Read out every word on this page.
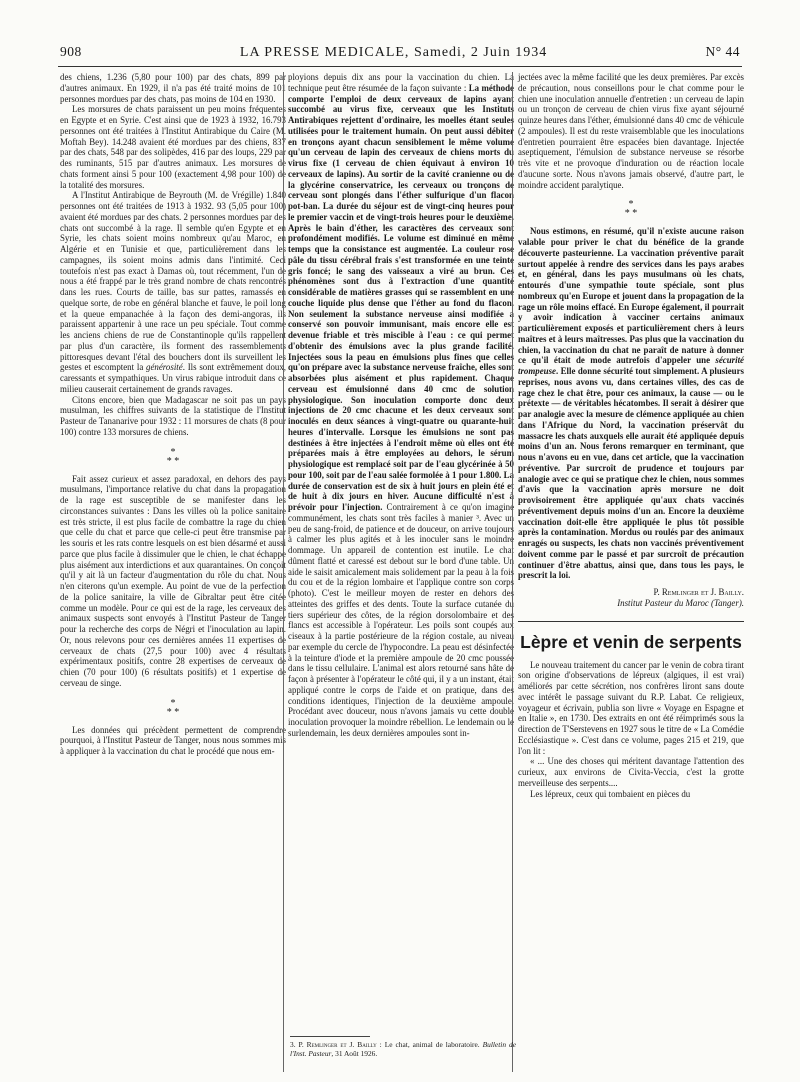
908	LA PRESSE MEDICALE, Samedi, 2 Juin 1934	N° 44

des chiens, 1.236 (5,80 pour 100) par des chats, 899 par d'autres animaux. En 1929, il n'a pas été traité moins de 101 personnes mordues par des chats, pas moins de 104 en 1930.

Les morsures de chats paraissent un peu moins fréquentes en Egypte et en Syrie. C'est ainsi que de 1923 à 1932, 16.793 personnes ont été traitées à l'Institut Antirabique du Caire (M. Moftah Bey). 14.248 avaient été mordues par des chiens, 837 par des chats, 548 par des solipèdes, 416 par des loups, 229 par des ruminants, 515 par d'autres animaux. Les morsures de chats forment ainsi 5 pour 100 (exactement 4,98 pour 100) de la totalité des morsures.

A l'Institut Antirabique de Beyrouth (M. de Vrégille) 1.840 personnes ont été traitées de 1913 à 1932. 93 (5,05 pour 100) avaient été mordues par des chats. 2 personnes mordues par des chats ont succombé à la rage. Il semble qu'en Egypte et en Syrie, les chats soient moins nombreux qu'au Maroc, en Algérie et en Tunisie et que, particulièrement dans les campagnes, ils soient moins admis dans l'intimité. Ceci toutefois n'est pas exact à Damas où, tout récemment, l'un de nous a été frappé par le très grand nombre de chats rencontrés dans les rues. Courts de taille, bas sur pattes, ramassés en quelque sorte, de robe en général blanche et fauve, le poil long et la queue empanachée à la façon des demi-angoras, ils paraissent appartenir à une race un peu spéciale. Tout comme les anciens chiens de rue de Constantinople qu'ils rappellent par plus d'un caractère, ils forment des rassemblements pittoresques devant l'étal des bouchers dont ils surveillent les gestes et escomptent la générosité. Ils sont extrêmement doux, caressants et sympathiques. Un virus rabique introduit dans ce milieu causerait certainement de grands ravages.

Citons encore, bien que Madagascar ne soit pas un pays musulman, les chiffres suivants de la statistique de l'Institut Pasteur de Tananarive pour 1932 : 11 morsures de chats (8 pour 100) contre 133 morsures de chiens.

*
* *

Fait assez curieux et assez paradoxal, en dehors des pays musulmans, l'importance relative du chat dans la propagation de la rage est susceptible de se manifester dans les circonstances suivantes : Dans les villes où la police sanitaire est très stricte, il est plus facile de combattre la rage du chien que celle du chat et parce que celle-ci peut être transmise par les souris et les rats contre lesquels on est bien désarmé et aussi parce que plus facile à dissimuler que le chien, le chat échappe plus aisément aux interdictions et aux quarantaines. On conçoit qu'il y ait là un facteur d'augmentation du rôle du chat. Nous n'en citerons qu'un exemple. Au point de vue de la perfection de la police sanitaire, la ville de Gibraltar peut être citée comme un modèle. Pour ce qui est de la rage, les cerveaux des animaux suspects sont envoyés à l'Institut Pasteur de Tanger pour la recherche des corps de Négri et l'inoculation au lapin. Or, nous relevons pour ces dernières années 11 expertises de cerveaux de chats (27,5 pour 100) avec 4 résultats expérimentaux positifs, contre 28 expertises de cerveaux de chien (70 pour 100) (6 résultats positifs) et 1 expertise de cerveau de singe.

*
* *

Les données qui précèdent permettent de comprendre pourquoi, à l'Institut Pasteur de Tanger, nous nous sommes mis à appliquer à la vaccination du chat le procédé que nous em-

ployions depuis dix ans pour la vaccination du chien. La technique peut être résumée de la façon suivante : La méthode comporte l'emploi de deux cerveaux de lapins ayant succombé au virus fixe, cerveaux que les Instituts Antirabiques rejettent d'ordinaire, les moelles étant seules utilisées pour le traitement humain. On peut aussi débiter en tronçons ayant chacun sensiblement le même volume qu'un cerveau de lapin des cerveaux de chiens morts du virus fixe (1 cerveau de chien équivaut à environ 10 cerveaux de lapins). Au sortir de la cavité cranienne ou de la glycérine conservatrice, les cerveaux ou tronçons de cerveau sont plongés dans l'éther sulfurique d'un flacon pot-ban. La durée du séjour est de vingt-cinq heures pour le premier vaccin et de vingt-trois heures pour le deuxième. Après le bain d'éther, les caractères des cerveaux sont profondément modifiés. Le volume est diminué en même temps que la consistance est augmentée. La couleur rose pâle du tissu cérébral frais s'est transformée en une teinte gris foncé; le sang des vaisseaux a viré au brun. Ces phénomènes sont dus à l'extraction d'une quantité considérable de matières grasses qui se rassemblent en une couche liquide plus dense que l'éther au fond du flacon. Non seulement la substance nerveuse ainsi modifiée a conservé son pouvoir immunisant, mais encore elle est devenue friable et très miscible à l'eau : ce qui permet d'obtenir des émulsions avec la plus grande facilité. Injectées sous la peau en émulsions plus fines que celles qu'on prépare avec la substance nerveuse fraîche, elles sont absorbées plus aisément et plus rapidement. Chaque cerveau est émulsionné dans 40 cmc de solution physiologique. Son inoculation comporte donc deux injections de 20 cmc chacune et les deux cerveaux sont inoculés en deux séances à vingt-quatre ou quarante-huit heures d'intervalle. Lorsque les émulsions ne sont pas destinées à être injectées à l'endroit même où elles ont été préparées mais à être employées au dehors, le sérum physiologique est remplacé soit par de l'eau glycérinée à 50 pour 100, soit par de l'eau salée formolée à 1 pour 1.800. La durée de conservation est de six à huit jours en plein été et de huit à dix jours en hiver. Aucune difficulté n'est à prévoir pour l'injection. Contrairement à ce qu'on imagine communément, les chats sont très faciles à manier ³. Avec un peu de sang-froid, de patience et de douceur, on arrive toujours à calmer les plus agités et à les inoculer sans le moindre dommage. Un appareil de contention est inutile. Le chat dûment flatté et caressé est debout sur le bord d'une table. Un aide le saisit amicalement mais solidement par la peau à la fois du cou et de la région lombaire et l'applique contre son corps (photo). C'est le meilleur moyen de rester en dehors des atteintes des griffes et des dents. Toute la surface cutanée du tiers supérieur des côtes, de la région dorsolombaire et des flancs est accessible à l'opérateur. Les poils sont coupés aux ciseaux à la partie postérieure de la région costale, au niveau par exemple du cercle de l'hypocondre. La peau est désinfectée à la teinture d'iode et la première ampoule de 20 cmc poussée dans le tissu cellulaire. L'animal est alors retourné sans hâte de façon à présenter à l'opérateur le côté qui, il y a un instant, était appliqué contre le corps de l'aide et on pratique, dans des conditions identiques, l'injection de la deuxième ampoule. Procédant avec douceur, nous n'avons jamais vu cette double inoculation provoquer la moindre rébellion. Le lendemain ou le surlendemain, les deux dernières ampoules sont in-

3. P. Remlinger et J. Bailly : Le chat, animal de laboratoire. Bulletin de l'Inst. Pasteur, 31 Août 1926.

jectées avec la même facilité que les deux premières. Par excès de précaution, nous conseillons pour le chat comme pour le chien une inoculation annuelle d'entretien : un cerveau de lapin ou un tronçon de cerveau de chien virus fixe ayant séjourné quinze heures dans l'éther, émulsionné dans 40 cmc de véhicule (2 ampoules). Il est du reste vraisemblable que les inoculations d'entretien pourraient être espacées bien davantage. Injectée aseptiquement, l'émulsion de substance nerveuse se résorbe très vite et ne provoque d'induration ou de réaction locale d'aucune sorte. Nous n'avons jamais observé, d'autre part, le moindre accident paralytique.

*
* *

Nous estimons, en résumé, qu'il n'existe aucune raison valable pour priver le chat du bénéfice de la grande découverte pasteurienne. La vaccination préventive paraît surtout appelée à rendre des services dans les pays arabes et, en général, dans les pays musulmans où les chats, entourés d'une sympathie toute spéciale, sont plus nombreux qu'en Europe et jouent dans la propagation de la rage un rôle moins effacé. En Europe également, il pourrait y avoir indication à vacciner certains animaux particulièrement exposés et particulièrement chers à leurs maîtres et à leurs maîtresses. Pas plus que la vaccination du chien, la vaccination du chat ne paraît de nature à donner ce qu'il était de mode autrefois d'appeler une sécurité trompeuse. Elle donne sécurité tout simplement. A plusieurs reprises, nous avons vu, dans certaines villes, des cas de rage chez le chat être, pour ces animaux, la cause — ou le prétexte — de véritables hécatombes. Il serait à désirer que par analogie avec la mesure de clémence appliquée au chien dans l'Afrique du Nord, la vaccination préservât du massacre les chats auxquels elle aurait été appliquée depuis moins d'un an. Nous ferons remarquer en terminant, que nous n'avons eu en vue, dans cet article, que la vaccination préventive. Par surcroît de prudence et toujours par analogie avec ce qui se pratique chez le chien, nous sommes d'avis que la vaccination après morsure ne doit provisoirement être appliquée qu'aux chats vaccinés préventivement depuis moins d'un an. Encore la deuxième vaccination doit-elle être appliquée le plus tôt possible après la contamination. Mordus ou roulés par des animaux enragés ou suspects, les chats non vaccinés préventivement doivent comme par le passé et par surcroît de précaution continuer d'être abattus, ainsi que, dans tous les pays, le prescrit la loi.

P. Remlinger et J. Bailly.
Institut Pasteur du Maroc (Tanger).
Lèpre et venin de serpents

Le nouveau traitement du cancer par le venin de cobra tirant son origine d'observations de lépreux (algiques, il est vrai) améliorés par cette sécrétion, nos confrères liront sans doute avec intérêt le passage suivant du R.P. Labat. Ce religieux, voyageur et écrivain, publia son livre « Voyage en Espagne et en Italie », en 1730. Des extraits en ont été réimprimés sous la direction de T'Serstevens en 1927 sous le titre de « La Comédie Ecclésiastique ». C'est dans ce volume, pages 215 et 219, que l'on lit :

« ... Une des choses qui méritent davantage l'attention des curieux, aux environs de Civita-Veccia, c'est la grotte merveilleuse des serpents....

Les lépreux, ceux qui tombaient en pièces du
